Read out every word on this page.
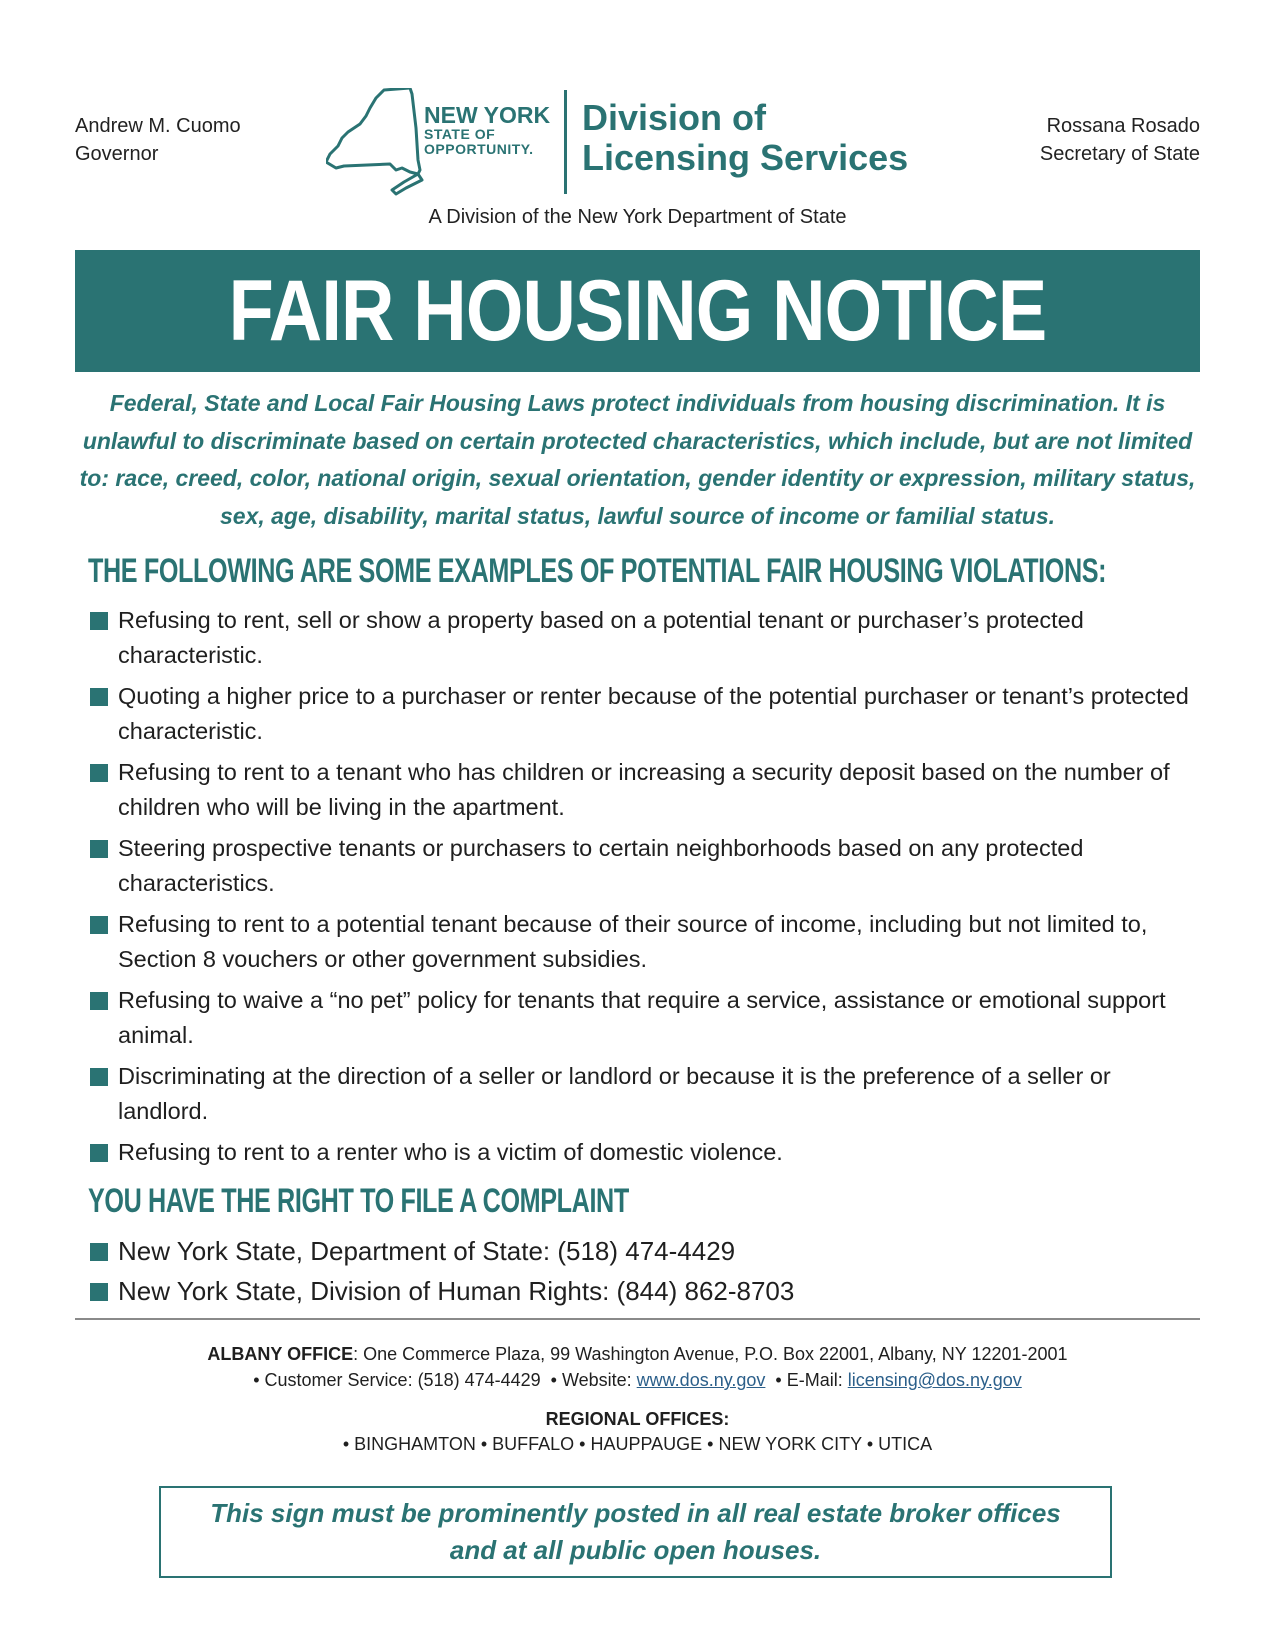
Andrew M. Cuomo
Governor
NEW YORK
STATE OF
OPPORTUNITY.
Division of
Licensing Services
Rossana Rosado
Secretary of State
A Division of the New York Department of State
FAIR HOUSING NOTICE
Federal, State and Local Fair Housing Laws protect individuals from housing discrimination. It is unlawful to discriminate based on certain protected characteristics, which include, but are not limited to: race, creed, color, national origin, sexual orientation, gender identity or expression, military status, sex, age, disability, marital status, lawful source of income or familial status.
THE FOLLOWING ARE SOME EXAMPLES OF POTENTIAL FAIR HOUSING VIOLATIONS:
Refusing to rent, sell or show a property based on a potential tenant or purchaser’s protected characteristic.
Quoting a higher price to a purchaser or renter because of the potential purchaser or tenant’s protected characteristic.
Refusing to rent to a tenant who has children or increasing a security deposit based on the number of children who will be living in the apartment.
Steering prospective tenants or purchasers to certain neighborhoods based on any protected characteristics.
Refusing to rent to a potential tenant because of their source of income, including but not limited to, Section 8 vouchers or other government subsidies.
Refusing to waive a “no pet” policy for tenants that require a service, assistance or emotional support animal.
Discriminating at the direction of a seller or landlord or because it is the preference of a seller or landlord.
Refusing to rent to a renter who is a victim of domestic violence.
YOU HAVE THE RIGHT TO FILE A COMPLAINT
New York State, Department of State: (518) 474-4429
New York State, Division of Human Rights: (844) 862-8703
ALBANY OFFICE: One Commerce Plaza, 99 Washington Avenue, P.O. Box 22001, Albany, NY 12201-2001
• Customer Service: (518) 474-4429  • Website: www.dos.ny.gov  • E-Mail: licensing@dos.ny.gov
REGIONAL OFFICES:
• BINGHAMTON • BUFFALO • HAUPPAUGE • NEW YORK CITY • UTICA
This sign must be prominently posted in all real estate broker offices
and at all public open houses.
